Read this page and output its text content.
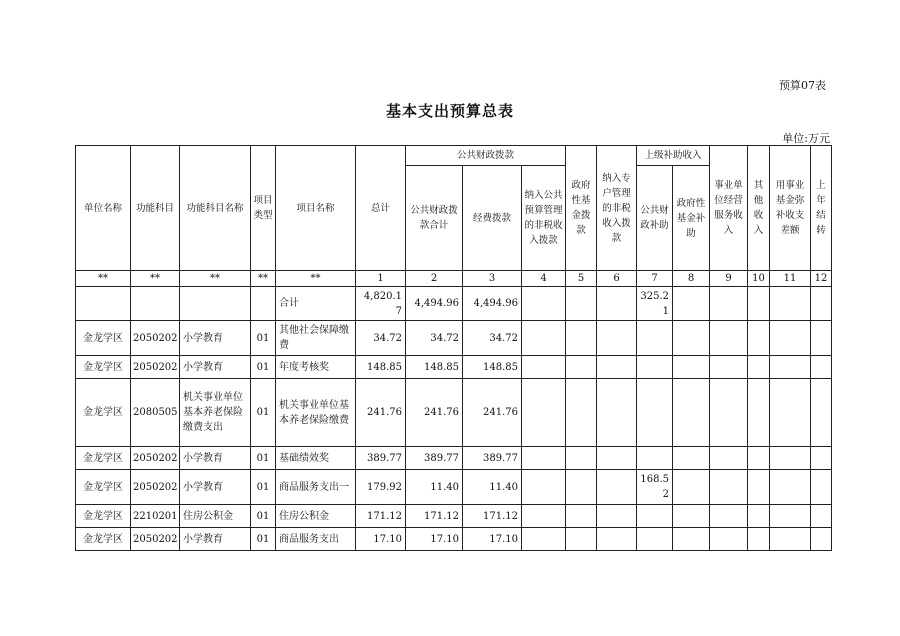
预算07表
基本支出预算总表
单位:万元
单位名称	功能科目	功能科目名称	项目类型	项目名称	总计	公共财政拨款			政府性基金拨款	纳入专户管理的非税收入拨款	上级补助收入		事业单位经营服务收入	其他收入	用事业基金弥补收支差额	上年结转
						公共财政拨款合计	经费拨款	纳入公共预算管理的非税收入拨款			公共财政补助	政府性基金补助				
**	**	**	**	**	1	2	3	4	5	6	7	8	9	10	11	12
				合计	4,820.17	4,494.96	4,494.96				325.21					
金龙学区	2050202	小学教育	01	其他社会保障缴费	34.72	34.72	34.72									
金龙学区	2050202	小学教育	01	年度考核奖	148.85	148.85	148.85									
金龙学区	2080505	机关事业单位基本养老保险缴费支出	01	机关事业单位基本养老保险缴费	241.76	241.76	241.76									
金龙学区	2050202	小学教育	01	基础绩效奖	389.77	389.77	389.77									
金龙学区	2050202	小学教育	01	商品服务支出一	179.92	11.40	11.40				168.52					
金龙学区	2210201	住房公积金	01	住房公积金	171.12	171.12	171.12									
金龙学区	2050202	小学教育	01	商品服务支出	17.10	17.10	17.10									
